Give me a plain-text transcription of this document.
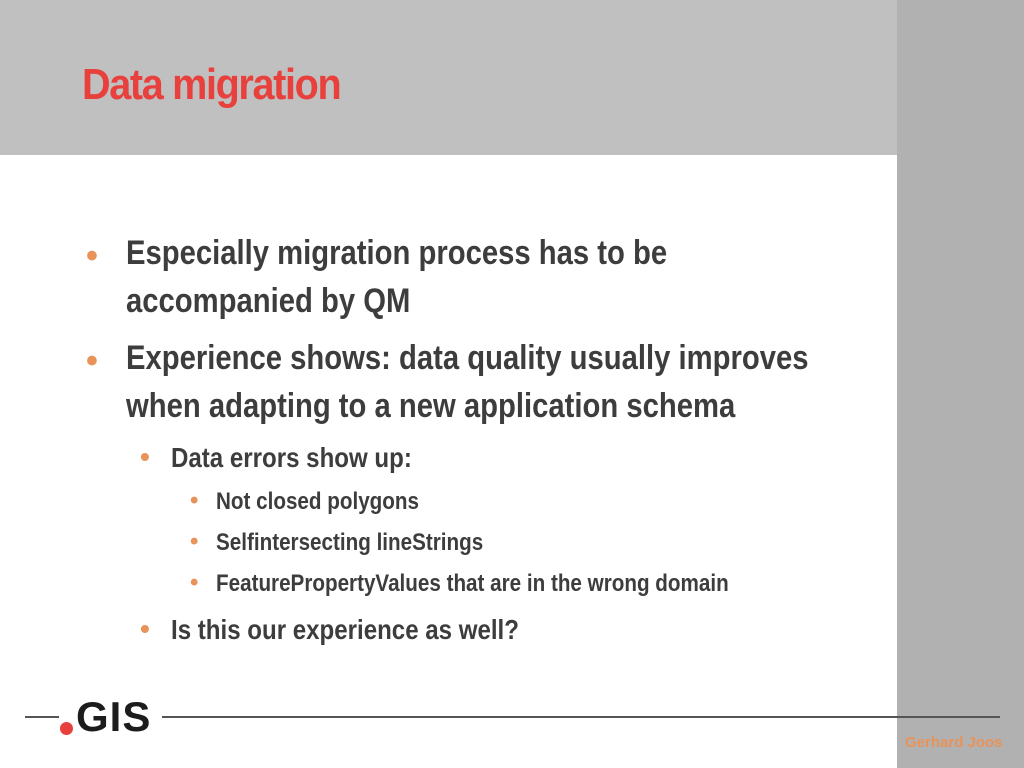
Data migration
• Especially migration process has to be
accompanied by QM
• Experience shows: data quality usually improves
when adapting to a new application schema
• Data errors show up:
• Not closed polygons
• Selfintersecting lineStrings
• FeaturePropertyValues that are in the wrong domain
• Is this our experience as well?
GIS
Gerhard Joos
